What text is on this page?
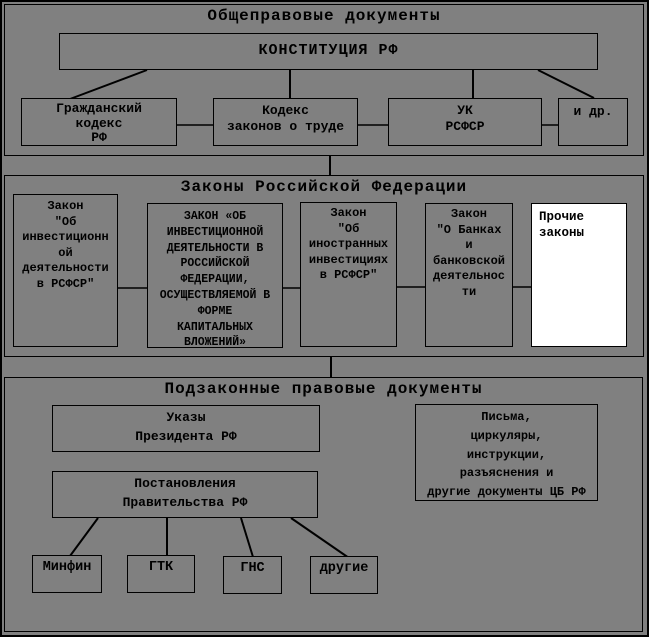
Общеправовые документы
Законы Российской Федерации
Подзаконные правовые документы
КОНСТИТУЦИЯ РФ
Гражданский
кодекс
РФ
Кодекс
законов о труде
УК
РСФСР
и др.
Закон
"Об
инвестиционн
ой
деятельности
в РСФСР"
ЗАКОН «ОБ
ИНВЕСТИЦИОННОЙ
ДЕЯТЕЛЬНОСТИ В
РОССИЙСКОЙ
ФЕДЕРАЦИИ,
ОСУЩЕСТВЛЯЕМОЙ В
ФОРМЕ
КАПИТАЛЬНЫХ
ВЛОЖЕНИЙ»
Закон
"Об
иностранных
инвестициях
в РСФСР"
Закон
"О Банках
и
банковской
деятельнос
ти
Прочие
законы
Указы
Президента РФ
Письма,
циркуляры,
инструкции,
разъяснения и
другие документы ЦБ РФ
Постановления
Правительства РФ
Минфин	ГТК	ГНС	другие
